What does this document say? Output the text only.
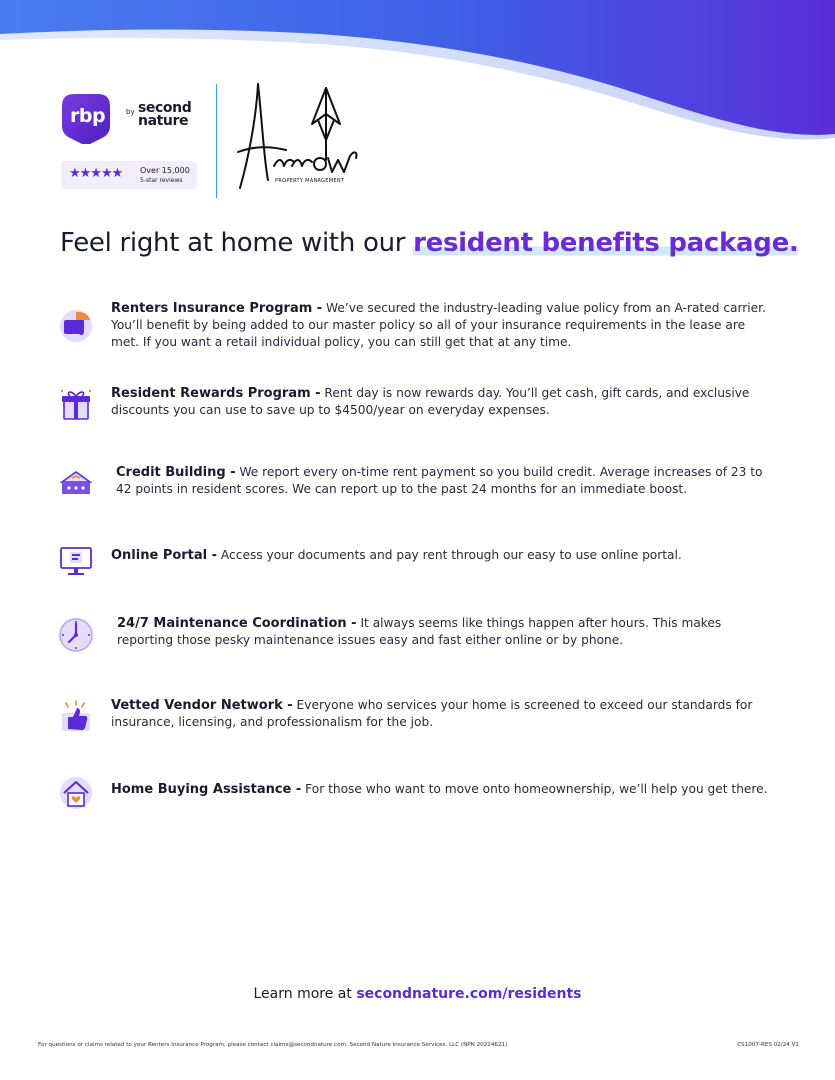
rbp	by second
nature
★★★★★ Over 15,000
5-star reviews	PROPERTY MANAGEMENT
Feel right at home with our resident benefits package.
Renters Insurance Program - We’ve secured the industry-leading value policy from an A-rated carrier. You’ll benefit by being added to our master policy so all of your insurance requirements in the lease are met. If you want a retail individual policy, you can still get that at any time.
Resident Rewards Program - Rent day is now rewards day. You’ll get cash, gift cards, and exclusive discounts you can use to save up to $4500/year on everyday expenses.
Credit Building - We report every on-time rent payment so you build credit. Average increases of 23 to 42 points in resident scores. We can report up to the past 24 months for an immediate boost.
Online Portal - Access your documents and pay rent through our easy to use online portal.
24/7 Maintenance Coordination - It always seems like things happen after hours. This makes reporting those pesky maintenance issues easy and fast either online or by phone.
Vetted Vendor Network - Everyone who services your home is screened to exceed our standards for insurance, licensing, and professionalism for the job.
Home Buying Assistance - For those who want to move onto homeownership, we’ll help you get there.
Learn more at secondnature.com/residents
For questions or claims related to your Renters Insurance Program, please contact claims@secondnature.com. Second Nature Insurance Services, LLC (NPN 20224621)	CS1007-RES 02/24 V1
